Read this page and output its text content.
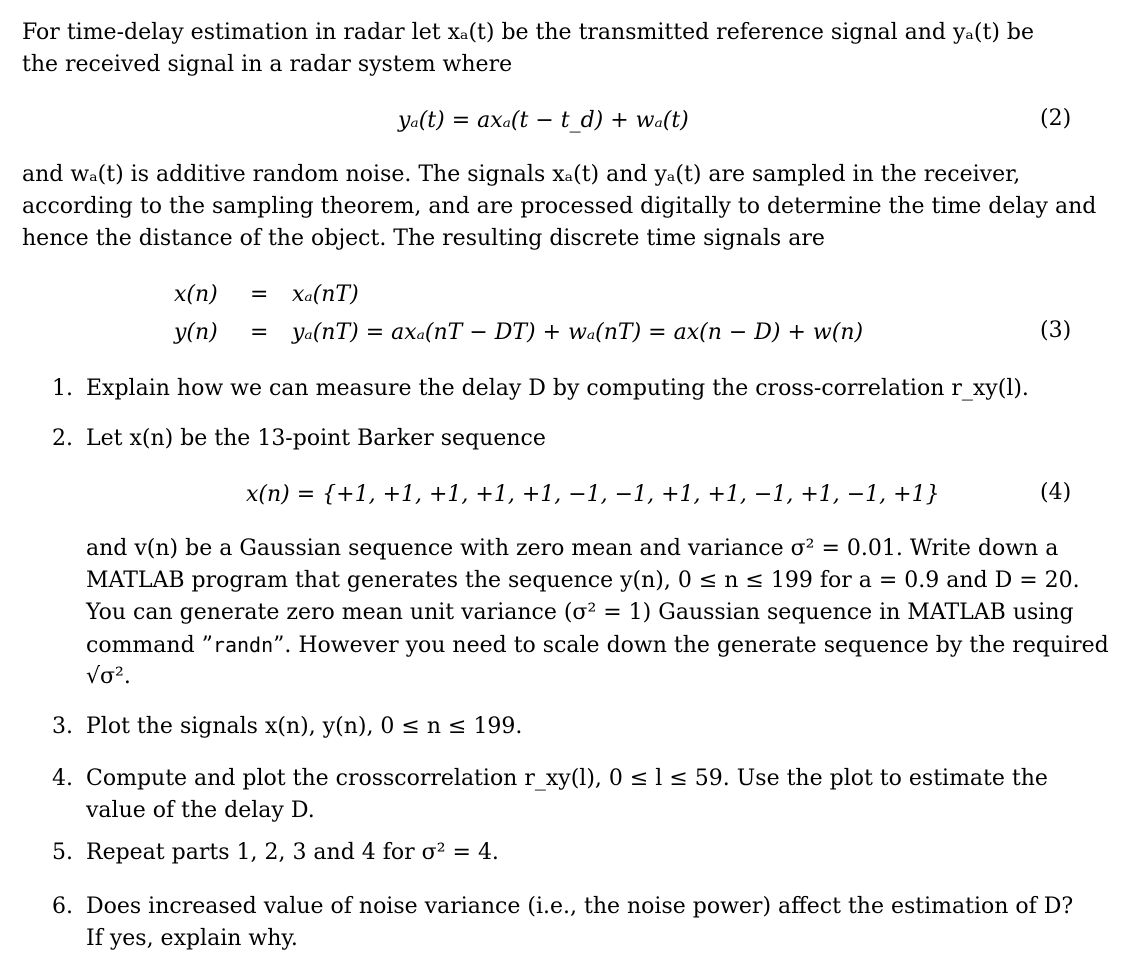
For time-delay estimation in radar let xₐ(t) be the transmitted reference signal and yₐ(t) be
the received signal in a radar system where
yₐ(t) = axₐ(t − t_d) + wₐ(t)	(2)
and wₐ(t) is additive random noise. The signals xₐ(t) and yₐ(t) are sampled in the receiver,
according to the sampling theorem, and are processed digitally to determine the time delay and
hence the distance of the object. The resulting discrete time signals are
x(n) = xₐ(nT)
y(n) = yₐ(nT) = axₐ(nT − DT) + wₐ(nT) = ax(n − D) + w(n)	(3)
1. Explain how we can measure the delay D by computing the cross-correlation r_xy(l).
2. Let x(n) be the 13-point Barker sequence
x(n) = {+1, +1, +1, +1, +1, −1, −1, +1, +1, −1, +1, −1, +1}	(4)
and v(n) be a Gaussian sequence with zero mean and variance σ² = 0.01. Write down a
MATLAB program that generates the sequence y(n), 0 ≤ n ≤ 199 for a = 0.9 and D = 20.
You can generate zero mean unit variance (σ² = 1) Gaussian sequence in MATLAB using
command ”randn”. However you need to scale down the generate sequence by the required
√σ².
3. Plot the signals x(n), y(n), 0 ≤ n ≤ 199.
4. Compute and plot the crosscorrelation r_xy(l), 0 ≤ l ≤ 59. Use the plot to estimate the
value of the delay D.
5. Repeat parts 1, 2, 3 and 4 for σ² = 4.
6. Does increased value of noise variance (i.e., the noise power) affect the estimation of D?
If yes, explain why.
